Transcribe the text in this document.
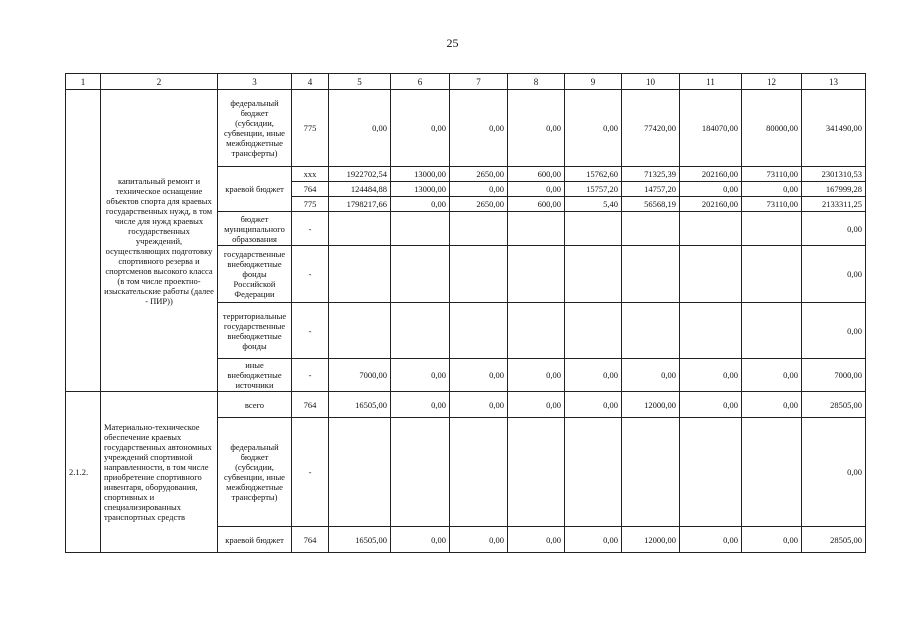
25
1	2	3	4	5	6	7	8	9	10	11	12	13
	капитальный ремонт и техническое оснащение объектов спорта для краевых государственных нужд, в том числе для нужд краевых государственных учреждений, осуществляющих подготовку спортивного резерва и спортсменов высокого класса (в том числе проектно-изыскательские работы (далее - ПИР))	федеральный бюджет (субсидии, субвенции, иные межбюджетные трансферты)	775	0,00	0,00	0,00	0,00	0,00	77420,00	184070,00	80000,00	341490,00
		краевой бюджет	ххх	1922702,54	13000,00	2650,00	600,00	15762,60	71325,39	202160,00	73110,00	2301310,53
			764	124484,88	13000,00	0,00	0,00	15757,20	14757,20	0,00	0,00	167999,28
			775	1798217,66	0,00	2650,00	600,00	5,40	56568,19	202160,00	73110,00	2133311,25
		бюджет муниципального образования	-									0,00
		государственные внебюджетные фонды Российской Федерации	-									0,00
		территориальные государственные внебюджетные фонды	-									0,00
		иные внебюджетные источники	-	7000,00	0,00	0,00	0,00	0,00	0,00	0,00	0,00	7000,00
2.1.2.	Материально-техническое обеспечение краевых государственных автономных учреждений спортивной направленности, в том числе приобретение спортивного инвентаря, оборудования, спортивных и специализированных транспортных средств	всего	764	16505,00	0,00	0,00	0,00	0,00	12000,00	0,00	0,00	28505,00
		федеральный бюджет (субсидии, субвенции, иные межбюджетные трансферты)	-									0,00
		краевой бюджет	764	16505,00	0,00	0,00	0,00	0,00	12000,00	0,00	0,00	28505,00
